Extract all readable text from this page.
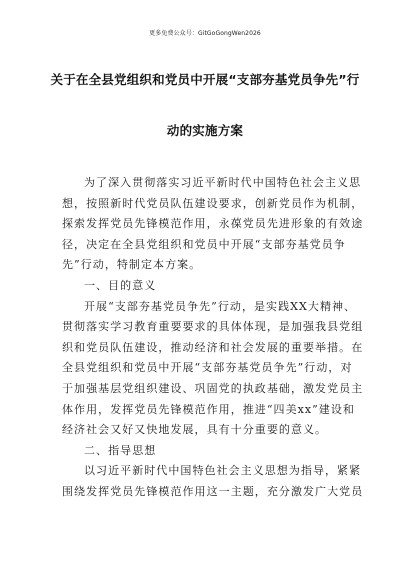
更多免费公众号：GitGoGongWen2026
关于在全县党组织和党员中开展“支部夯基党员争先”行
动的实施方案
为了深入贯彻落实习近平新时代中国特色社会主义思
想，按照新时代党员队伍建设要求，创新党员作为机制，
探索发挥党员先锋模范作用，永葆党员先进形象的有效途
径，决定在全县党组织和党员中开展“支部夯基党员争
先”行动，特制定本方案。
一、目的意义
开展“支部夯基党员争先”行动，是实践XX大精神、
贯彻落实学习教育重要要求的具体体现，是加强我县党组
织和党员队伍建设，推动经济和社会发展的重要举措。在
全县党组织和党员中开展“支部夯基党员争先”行动，对
于加强基层党组织建设、巩固党的执政基础，激发党员主
体作用，发挥党员先锋模范作用，推进“四美xx”建设和
经济社会又好又快地发展，具有十分重要的意义。
二、指导思想
以习近平新时代中国特色社会主义思想为指导，紧紧
围绕发挥党员先锋模范作用这一主题，充分激发广大党员
